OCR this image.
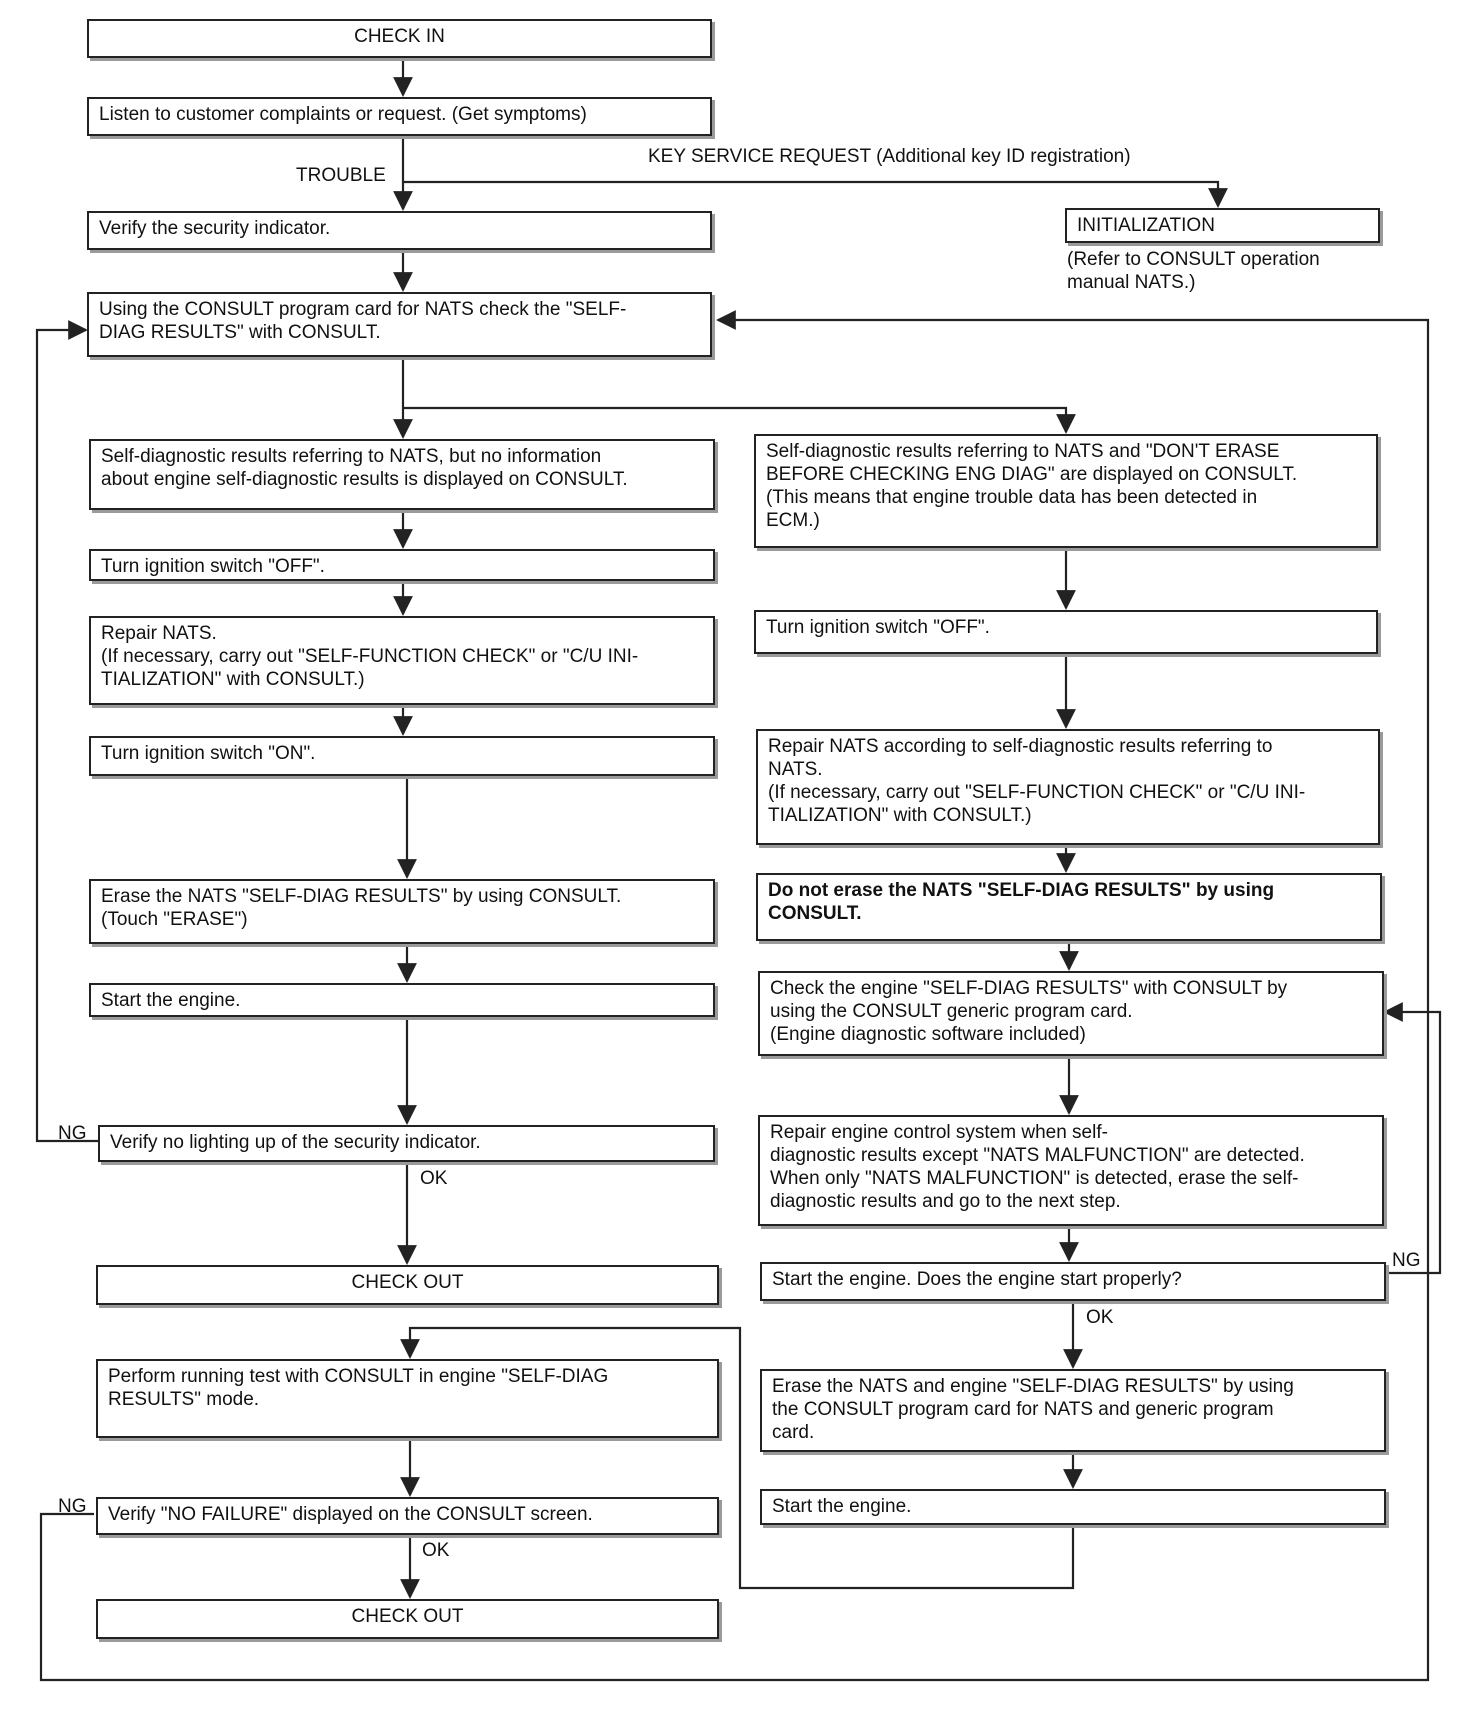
CHECK IN
Listen to customer complaints or request. (Get symptoms)
Verify the security indicator.
Using the CONSULT program card for NATS check the "SELF-
DIAG RESULTS" with CONSULT.
INITIALIZATION
(Refer to CONSULT operation
manual NATS.)
Self-diagnostic results referring to NATS, but no information
about engine self-diagnostic results is displayed on CONSULT.
Turn ignition switch "OFF".
Repair NATS.
(If necessary, carry out "SELF-FUNCTION CHECK" or "C/U INI-
TIALIZATION" with CONSULT.)
Turn ignition switch "ON".
Erase the NATS "SELF-DIAG RESULTS" by using CONSULT.
(Touch "ERASE")
Start the engine.
Verify no lighting up of the security indicator.
CHECK OUT
Perform running test with CONSULT in engine "SELF-DIAG
RESULTS" mode.
Verify "NO FAILURE" displayed on the CONSULT screen.
CHECK OUT
Self-diagnostic results referring to NATS and "DON'T ERASE
BEFORE CHECKING ENG DIAG" are displayed on CONSULT.
(This means that engine trouble data has been detected in
ECM.)
Turn ignition switch "OFF".
Repair NATS according to self-diagnostic results referring to
NATS.
(If necessary, carry out "SELF-FUNCTION CHECK" or "C/U INI-
TIALIZATION" with CONSULT.)
Do not erase the NATS "SELF-DIAG RESULTS" by using
CONSULT.
Check the engine "SELF-DIAG RESULTS" with CONSULT by
using the CONSULT generic program card.
(Engine diagnostic software included)
Repair engine control system when self-
diagnostic results except "NATS MALFUNCTION" are detected.
When only "NATS MALFUNCTION" is detected, erase the self-
diagnostic results and go to the next step.
Start the engine. Does the engine start properly?
Erase the NATS and engine "SELF-DIAG RESULTS" by using
the CONSULT program card for NATS and generic program
card.
Start the engine.
TROUBLE
KEY SERVICE REQUEST (Additional key ID registration)
NG
OK
NG
OK
NG
OK
